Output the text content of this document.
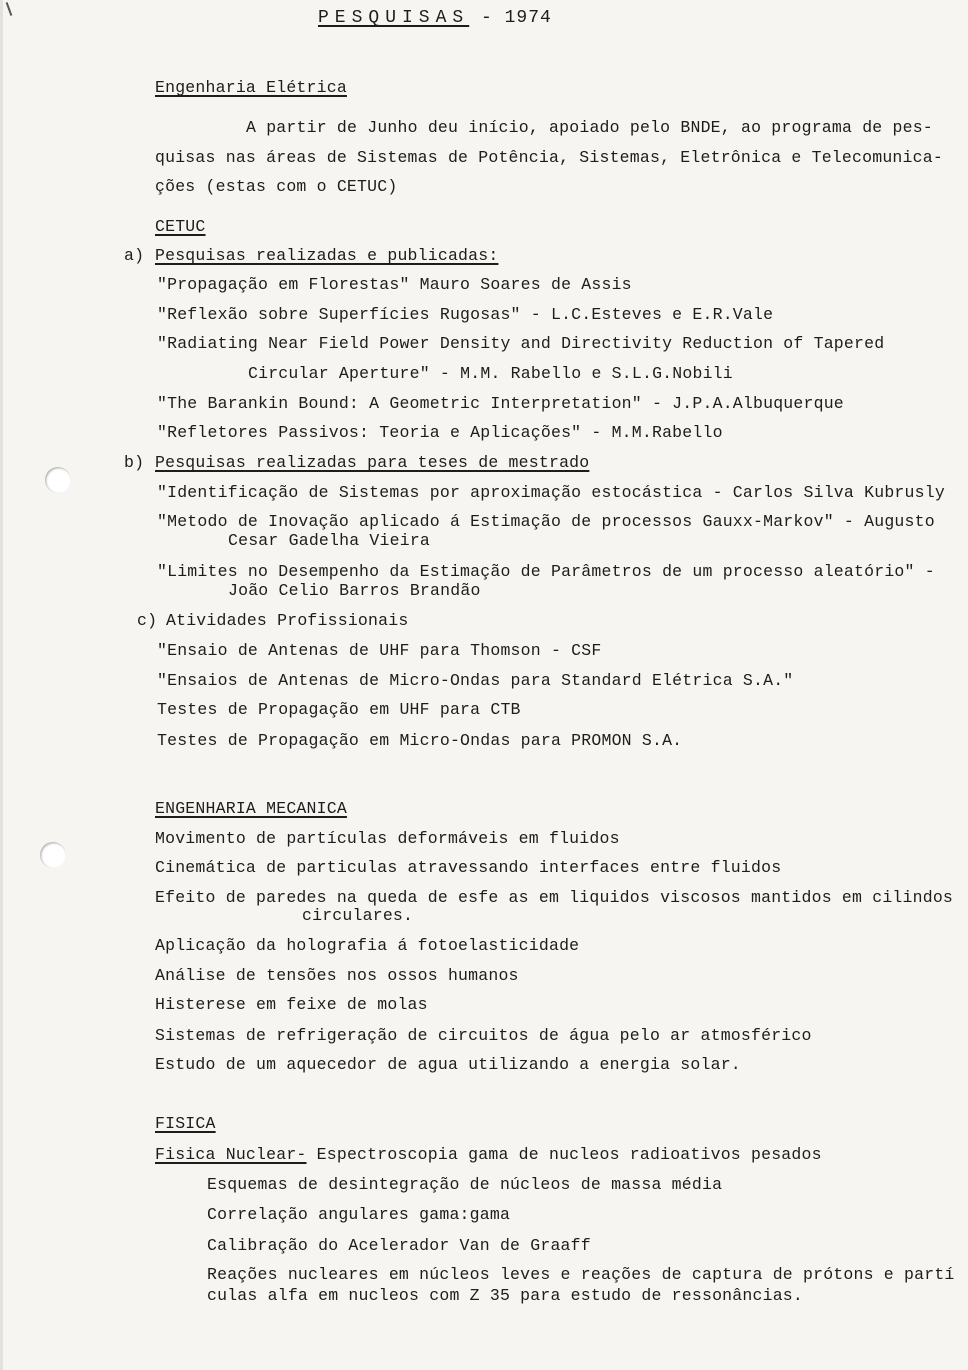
PESQUISAS - 1974
Engenharia Elétrica
A partir de Junho deu início, apoiado pelo BNDE, ao programa de pes-
quisas nas áreas de Sistemas de Potência, Sistemas, Eletrônica e Telecomunica-
ções (estas com o CETUC)
CETUC
a) Pesquisas realizadas e publicadas:
"Propagação em Florestas" Mauro Soares de Assis
"Reflexão sobre Superfícies Rugosas" - L.C.Esteves e E.R.Vale
"Radiating Near Field Power Density and Directivity Reduction of Tapered
Circular Aperture" - M.M. Rabello e S.L.G.Nobili
"The Barankin Bound: A Geometric Interpretation" - J.P.A.Albuquerque
"Refletores Passivos: Teoria e Aplicações" - M.M.Rabello
b) Pesquisas realizadas para teses de mestrado
"Identificação de Sistemas por aproximação estocástica - Carlos Silva Kubrusly
"Metodo de Inovação aplicado á Estimação de processos Gauxx-Markov" - Augusto
Cesar Gadelha Vieira
"Limites no Desempenho da Estimação de Parâmetros de um processo aleatório" -
João Celio Barros Brandão
c) Atividades Profissionais
"Ensaio de Antenas de UHF para Thomson - CSF
"Ensaios de Antenas de Micro-Ondas para Standard Elétrica S.A."
Testes de Propagação em UHF para CTB
Testes de Propagação em Micro-Ondas para PROMON S.A.
ENGENHARIA MECANICA
Movimento de partículas deformáveis em fluidos
Cinemática de particulas atravessando interfaces entre fluidos
Efeito de paredes na queda de esfe as em liquidos viscosos mantidos em cilindos
circulares.
Aplicação da holografia á fotoelasticidade
Análise de tensões nos ossos humanos
Histerese em feixe de molas
Sistemas de refrigeração de circuitos de água pelo ar atmosférico
Estudo de um aquecedor de agua utilizando a energia solar.
FISICA
Fisica Nuclear- Espectroscopia gama de nucleos radioativos pesados
Esquemas de desintegração de núcleos de massa média
Correlação angulares gama:gama
Calibração do Acelerador Van de Graaff
Reações nucleares em núcleos leves e reações de captura de prótons e partí
culas alfa em nucleos com Z 35 para estudo de ressonâncias.
